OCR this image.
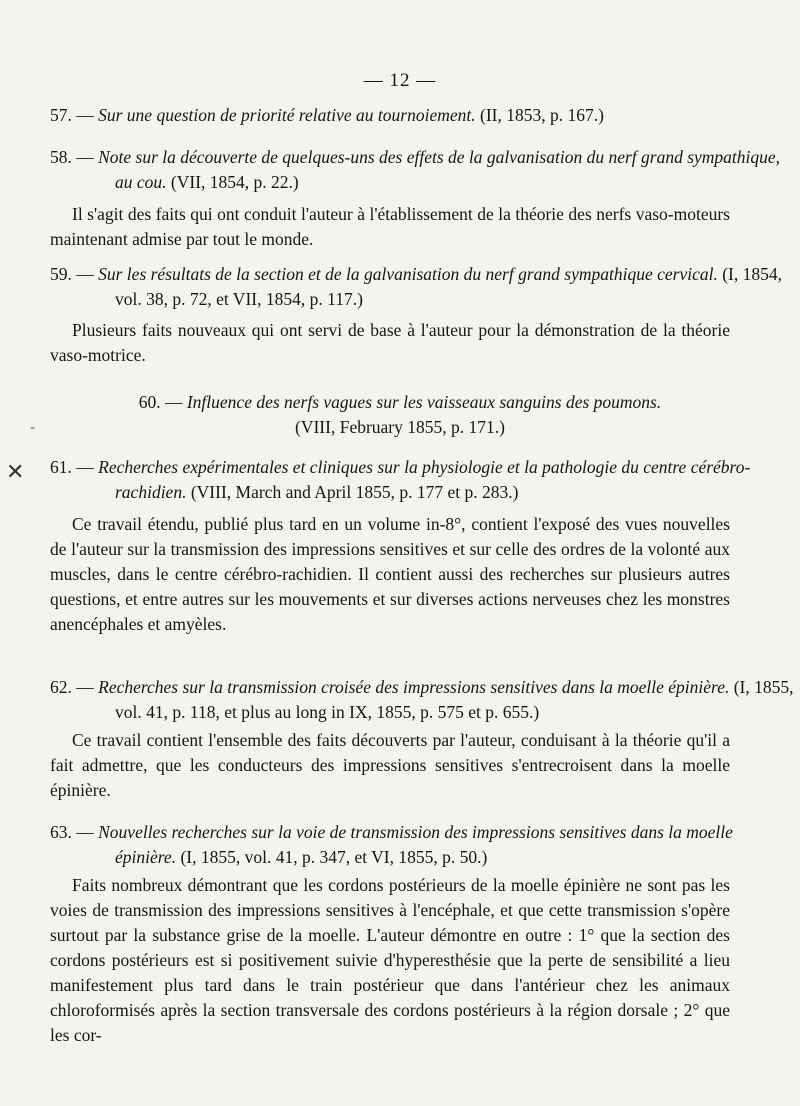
— 12 —
-
✕

57. — Sur une question de priorité relative au tournoiement. (II, 1853, p. 167.)

58. — Note sur la découverte de quelques-uns des effets de la galvanisation du nerf grand sympathique, au cou. (VII, 1854, p. 22.)

Il s'agit des faits qui ont conduit l'auteur à l'établissement de la théorie des nerfs vaso-moteurs maintenant admise par tout le monde.

59. — Sur les résultats de la section et de la galvanisation du nerf grand sympathique cervical. (I, 1854, vol. 38, p. 72, et VII, 1854, p. 117.)

Plusieurs faits nouveaux qui ont servi de base à l'auteur pour la démonstration de la théorie vaso-motrice.

60. — Influence des nerfs vagues sur les vaisseaux sanguins des poumons.
(VIII, February 1855, p. 171.)

61. — Recherches expérimentales et cliniques sur la physiologie et la pathologie du centre cérébro-rachidien. (VIII, March and April 1855, p. 177 et p. 283.)

Ce travail étendu, publié plus tard en un volume in-8°, contient l'exposé des vues nouvelles de l'auteur sur la transmission des impressions sensitives et sur celle des ordres de la volonté aux muscles, dans le centre cérébro-rachidien. Il contient aussi des recherches sur plusieurs autres questions, et entre autres sur les mouvements et sur diverses actions nerveuses chez les monstres anencéphales et amyèles.

62. — Recherches sur la transmission croisée des impressions sensitives dans la moelle épinière. (I, 1855, vol. 41, p. 118, et plus au long in IX, 1855, p. 575 et p. 655.)

Ce travail contient l'ensemble des faits découverts par l'auteur, conduisant à la théorie qu'il a fait admettre, que les conducteurs des impressions sensitives s'entrecroisent dans la moelle épinière.

63. — Nouvelles recherches sur la voie de transmission des impressions sensitives dans la moelle épinière. (I, 1855, vol. 41, p. 347, et VI, 1855, p. 50.)

Faits nombreux démontrant que les cordons postérieurs de la moelle épinière ne sont pas les voies de transmission des impressions sensitives à l'encéphale, et que cette transmission s'opère surtout par la substance grise de la moelle. L'auteur démontre en outre : 1° que la section des cordons postérieurs est si positivement suivie d'hyperesthésie que la perte de sensibilité a lieu manifestement plus tard dans le train postérieur que dans l'antérieur chez les animaux chloroformisés après la section transversale des cordons postérieurs à la région dorsale ; 2° que les cor-
